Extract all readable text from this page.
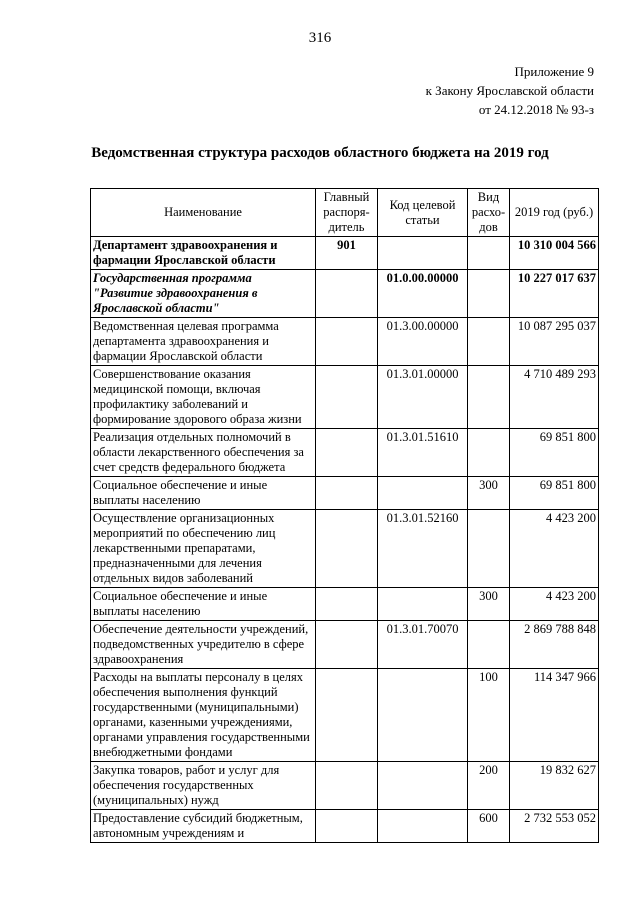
316
Приложение 9
к Закону Ярославской области
от 24.12.2018 № 93-з
Ведомственная структура расходов областного бюджета на 2019 год
Наименование	Главный распоря-дитель	Код целевой статьи	Вид расхо-дов	2019 год (руб.)
Департамент здравоохранения и фармации Ярославской области	901			10 310 004 566
Государственная программа "Развитие здравоохранения в Ярославской области"		01.0.00.00000		10 227 017 637
Ведомственная целевая программа департамента здравоохранения и фармации Ярославской области		01.3.00.00000		10 087 295 037
Совершенствование оказания медицинской помощи, включая профилактику заболеваний и формирование здорового образа жизни		01.3.01.00000		4 710 489 293
Реализация отдельных полномочий в области лекарственного обеспечения за счет средств федерального бюджета		01.3.01.51610		69 851 800
Социальное обеспечение и иные выплаты населению			300	69 851 800
Осуществление организационных мероприятий по обеспечению лиц лекарственными препаратами, предназначенными для лечения отдельных видов заболеваний		01.3.01.52160		4 423 200
Социальное обеспечение и иные выплаты населению			300	4 423 200
Обеспечение деятельности учреждений, подведомственных учредителю в сфере здравоохранения		01.3.01.70070		2 869 788 848
Расходы на выплаты персоналу в целях обеспечения выполнения функций государственными (муниципальными) органами, казенными учреждениями, органами управления государственными внебюджетными фондами			100	114 347 966
Закупка товаров, работ и услуг для обеспечения государственных (муниципальных) нужд			200	19 832 627
Предоставление субсидий бюджетным, автономным учреждениям и			600	2 732 553 052
